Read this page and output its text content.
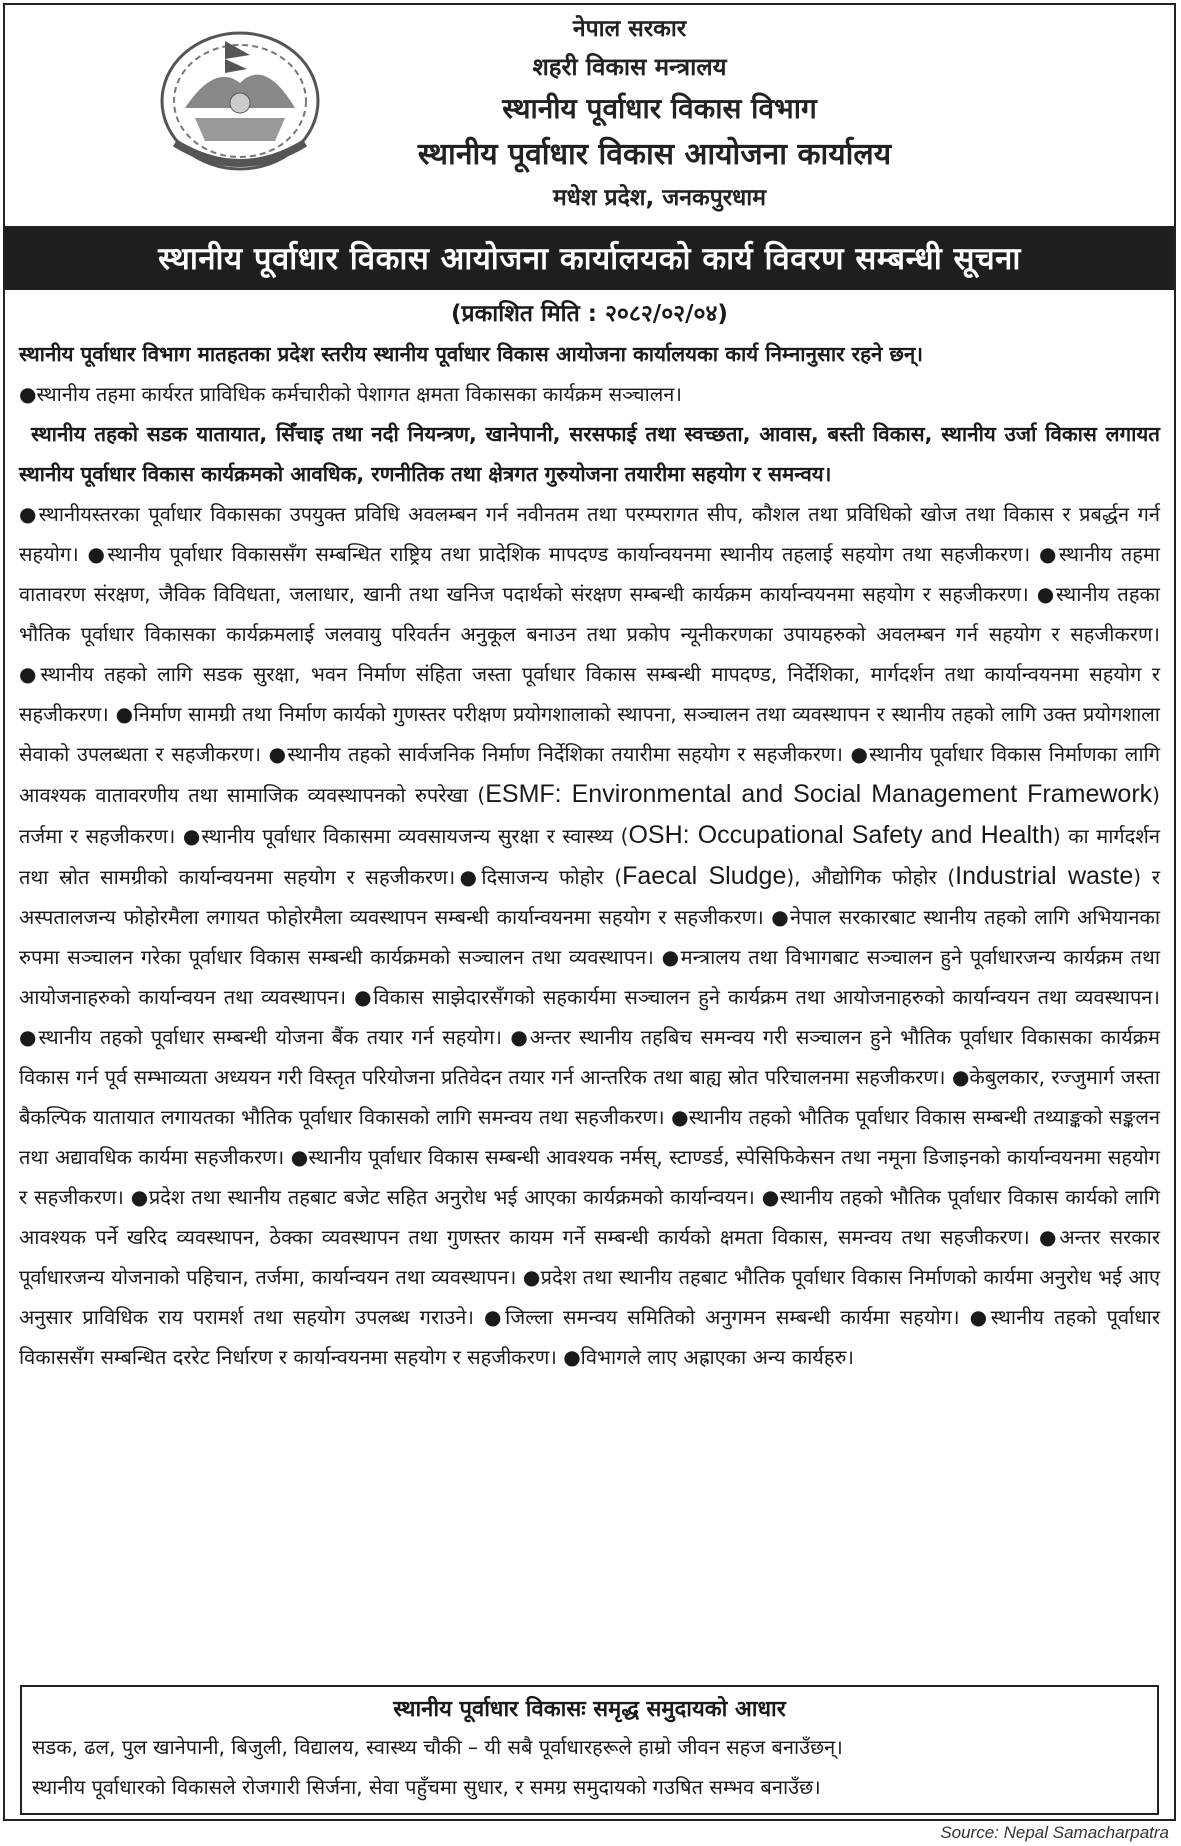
नेपाल सरकार
शहरी विकास मन्त्रालय
स्थानीय पूर्वाधार विकास विभाग
स्थानीय पूर्वाधार विकास आयोजना कार्यालय
मधेश प्रदेश, जनकपुरधाम
स्थानीय पूर्वाधार विकास आयोजना कार्यालयको कार्य विवरण सम्बन्धी सूचना
(प्रकाशित मिति : २०८२/०२/०४)
स्थानीय पूर्वाधार विभाग मातहतका प्रदेश स्तरीय स्थानीय पूर्वाधार विकास आयोजना कार्यालयका कार्य निम्नानुसार रहने छन्।
●स्थानीय तहमा कार्यरत प्राविधिक कर्मचारीको पेशागत क्षमता विकासका कार्यक्रम सञ्चालन।
स्थानीय तहको सडक यातायात, सिँचाइ तथा नदी नियन्त्रण, खानेपानी, सरसफाई तथा स्वच्छता, आवास, बस्ती विकास, स्थानीय उर्जा विकास लगायत स्थानीय पूर्वाधार विकास कार्यक्रमको आवधिक, रणनीतिक तथा क्षेत्रगत गुरुयोजना तयारीमा सहयोग र समन्वय।
●स्थानीयस्तरका पूर्वाधार विकासका उपयुक्त प्रविधि अवलम्बन गर्न नवीनतम तथा परम्परागत सीप, कौशल तथा प्रविधिको खोज तथा विकास र प्रबर्द्धन गर्न सहयोग। ●स्थानीय पूर्वाधार विकाससँग सम्बन्धित राष्ट्रिय तथा प्रादेशिक मापदण्ड कार्यान्वयनमा स्थानीय तहलाई सहयोग तथा सहजीकरण। ●स्थानीय तहमा वातावरण संरक्षण, जैविक विविधता, जलाधार, खानी तथा खनिज पदार्थको संरक्षण सम्बन्धी कार्यक्रम कार्यान्वयनमा सहयोग र सहजीकरण। ●स्थानीय तहका भौतिक पूर्वाधार विकासका कार्यक्रमलाई जलवायु परिवर्तन अनुकूल बनाउन तथा प्रकोप न्यूनीकरणका उपायहरुको अवलम्बन गर्न सहयोग र सहजीकरण। ●स्थानीय तहको लागि सडक सुरक्षा, भवन निर्माण संहिता जस्ता पूर्वाधार विकास सम्बन्धी मापदण्ड, निर्देशिका, मार्गदर्शन तथा कार्यान्वयनमा सहयोग र सहजीकरण। ●निर्माण सामग्री तथा निर्माण कार्यको गुणस्तर परीक्षण प्रयोगशालाको स्थापना, सञ्चालन तथा व्यवस्थापन र स्थानीय तहको लागि उक्त प्रयोगशाला सेवाको उपलब्धता र सहजीकरण। ●स्थानीय तहको सार्वजनिक निर्माण निर्देशिका तयारीमा सहयोग र सहजीकरण। ●स्थानीय पूर्वाधार विकास निर्माणका लागि आवश्यक वातावरणीय तथा सामाजिक व्यवस्थापनको रुपरेखा (ESMF: Environmental and Social Management Framework) तर्जमा र सहजीकरण। ●स्थानीय पूर्वाधार विकासमा व्यवसायजन्य सुरक्षा र स्वास्थ्य (OSH: Occupational Safety and Health) का मार्गदर्शन तथा स्रोत सामग्रीको कार्यान्वयनमा सहयोग र सहजीकरण।●दिसाजन्य फोहोर (Faecal Sludge), औद्योगिक फोहोर (Industrial waste) र अस्पतालजन्य फोहोरमैला लगायत फोहोरमैला व्यवस्थापन सम्बन्धी कार्यान्वयनमा सहयोग र सहजीकरण। ●नेपाल सरकारबाट स्थानीय तहको लागि अभियानका रुपमा सञ्चालन गरेका पूर्वाधार विकास सम्बन्धी कार्यक्रमको सञ्चालन तथा व्यवस्थापन। ●मन्त्रालय तथा विभागबाट सञ्चालन हुने पूर्वाधारजन्य कार्यक्रम तथा आयोजनाहरुको कार्यान्वयन तथा व्यवस्थापन। ●विकास साझेदारसँगको सहकार्यमा सञ्चालन हुने कार्यक्रम तथा आयोजनाहरुको कार्यान्वयन तथा व्यवस्थापन। ●स्थानीय तहको पूर्वाधार सम्बन्धी योजना बैंक तयार गर्न सहयोग। ●अन्तर स्थानीय तहबिच समन्वय गरी सञ्चालन हुने भौतिक पूर्वाधार विकासका कार्यक्रम विकास गर्न पूर्व सम्भाव्यता अध्ययन गरी विस्तृत परियोजना प्रतिवेदन तयार गर्न आन्तरिक तथा बाह्य स्रोत परिचालनमा सहजीकरण। ●केबुलकार, रज्जुमार्ग जस्ता बैकल्पिक यातायात लगायतका भौतिक पूर्वाधार विकासको लागि समन्वय तथा सहजीकरण। ●स्थानीय तहको भौतिक पूर्वाधार विकास सम्बन्धी तथ्याङ्कको सङ्कलन तथा अद्यावधिक कार्यमा सहजीकरण। ●स्थानीय पूर्वाधार विकास सम्बन्धी आवश्यक नर्मस्, स्टाण्डर्ड, स्पेसिफिकेसन तथा नमूना डिजाइनको कार्यान्वयनमा सहयोग र सहजीकरण। ●प्रदेश तथा स्थानीय तहबाट बजेट सहित अनुरोध भई आएका कार्यक्रमको कार्यान्वयन। ●स्थानीय तहको भौतिक पूर्वाधार विकास कार्यको लागि आवश्यक पर्ने खरिद व्यवस्थापन, ठेक्का व्यवस्थापन तथा गुणस्तर कायम गर्ने सम्बन्धी कार्यको क्षमता विकास, समन्वय तथा सहजीकरण। ●अन्तर सरकार पूर्वाधारजन्य योजनाको पहिचान, तर्जमा, कार्यान्वयन तथा व्यवस्थापन। ●प्रदेश तथा स्थानीय तहबाट भौतिक पूर्वाधार विकास निर्माणको कार्यमा अनुरोध भई आए अनुसार प्राविधिक राय परामर्श तथा सहयोग उपलब्ध गराउने। ●जिल्ला समन्वय समितिको अनुगमन सम्बन्धी कार्यमा सहयोग। ●स्थानीय तहको पूर्वाधार विकाससँग सम्बन्धित दररेट निर्धारण र कार्यान्वयनमा सहयोग र सहजीकरण। ●विभागले लाए अह्राएका अन्य कार्यहरु।
स्थानीय पूर्वाधार विकासः समृद्ध समुदायको आधार
सडक, ढल, पुल खानेपानी, बिजुली, विद्यालय, स्वास्थ्य चौकी – यी सबै पूर्वाधारहरूले हाम्रो जीवन सहज बनाउँछन्।
स्थानीय पूर्वाधारको विकासले रोजगारी सिर्जना, सेवा पहुँचमा सुधार, र समग्र समुदायको गउषित सम्भव बनाउँछ।
Source: Nepal Samacharpatra
